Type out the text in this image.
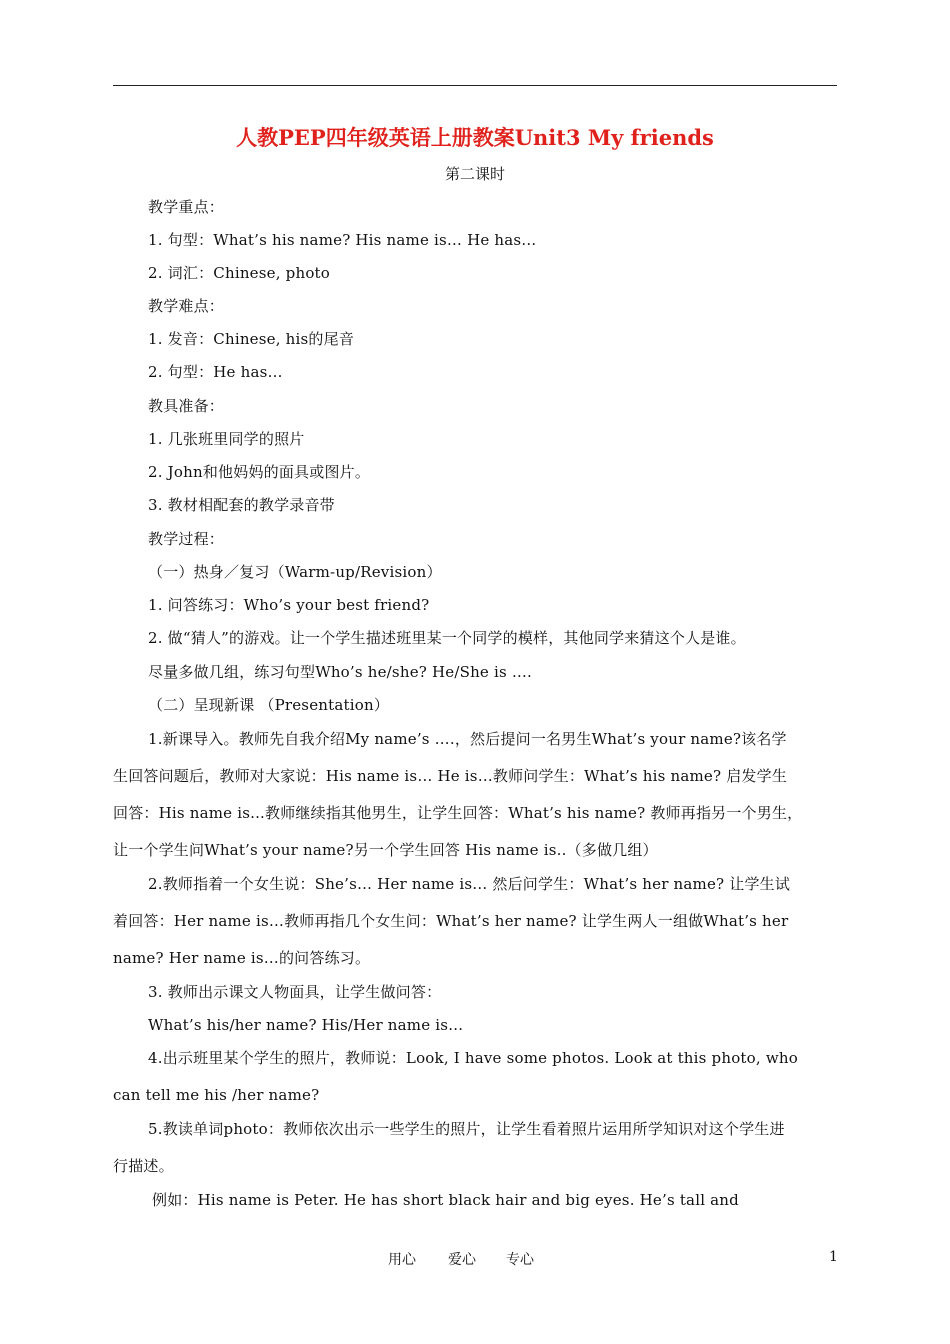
人教PEP四年级英语上册教案Unit3 My friends
第二课时
教学重点：
1. 句型：What’s his name? His name is… He has…
2. 词汇：Chinese, photo
教学难点：
1. 发音：Chinese, his的尾音
2. 句型：He has…
教具准备：
1. 几张班里同学的照片
2. John和他妈妈的面具或图片。
3. 教材相配套的教学录音带
教学过程：
（一）热身／复习（Warm-up/Revision）
1. 问答练习：Who’s your best friend?
2. 做“猜人”的游戏。让一个学生描述班里某一个同学的模样，其他同学来猜这个人是谁。
尽量多做几组，练习句型Who’s he/she? He/She is ….
（二）呈现新课 （Presentation）
1.新课导入。教师先自我介绍My name’s ….，然后提问一名男生What’s your name?该名学
生回答问题后，教师对大家说：His name is… He is…教师问学生：What’s his name? 启发学生
回答：His name is...教师继续指其他男生，让学生回答：What’s his name? 教师再指另一个男生，
让一个学生问What’s your name?另一个学生回答 His name is..（多做几组）
2.教师指着一个女生说：She’s… Her name is… 然后问学生：What’s her name? 让学生试
着回答：Her name is…教师再指几个女生问：What’s her name? 让学生两人一组做What’s her
name? Her name is…的问答练习。
3. 教师出示课文人物面具，让学生做问答：
What’s his/her name? His/Her name is…
4.出示班里某个学生的照片，教师说：Look, I have some photos. Look at this photo, who
can tell me his /her name?
5.教读单词photo：教师依次出示一些学生的照片，让学生看着照片运用所学知识对这个学生进
行描述。
例如：His name is Peter. He has short black hair and big eyes. He’s tall and
用心 爱心 专心	1
